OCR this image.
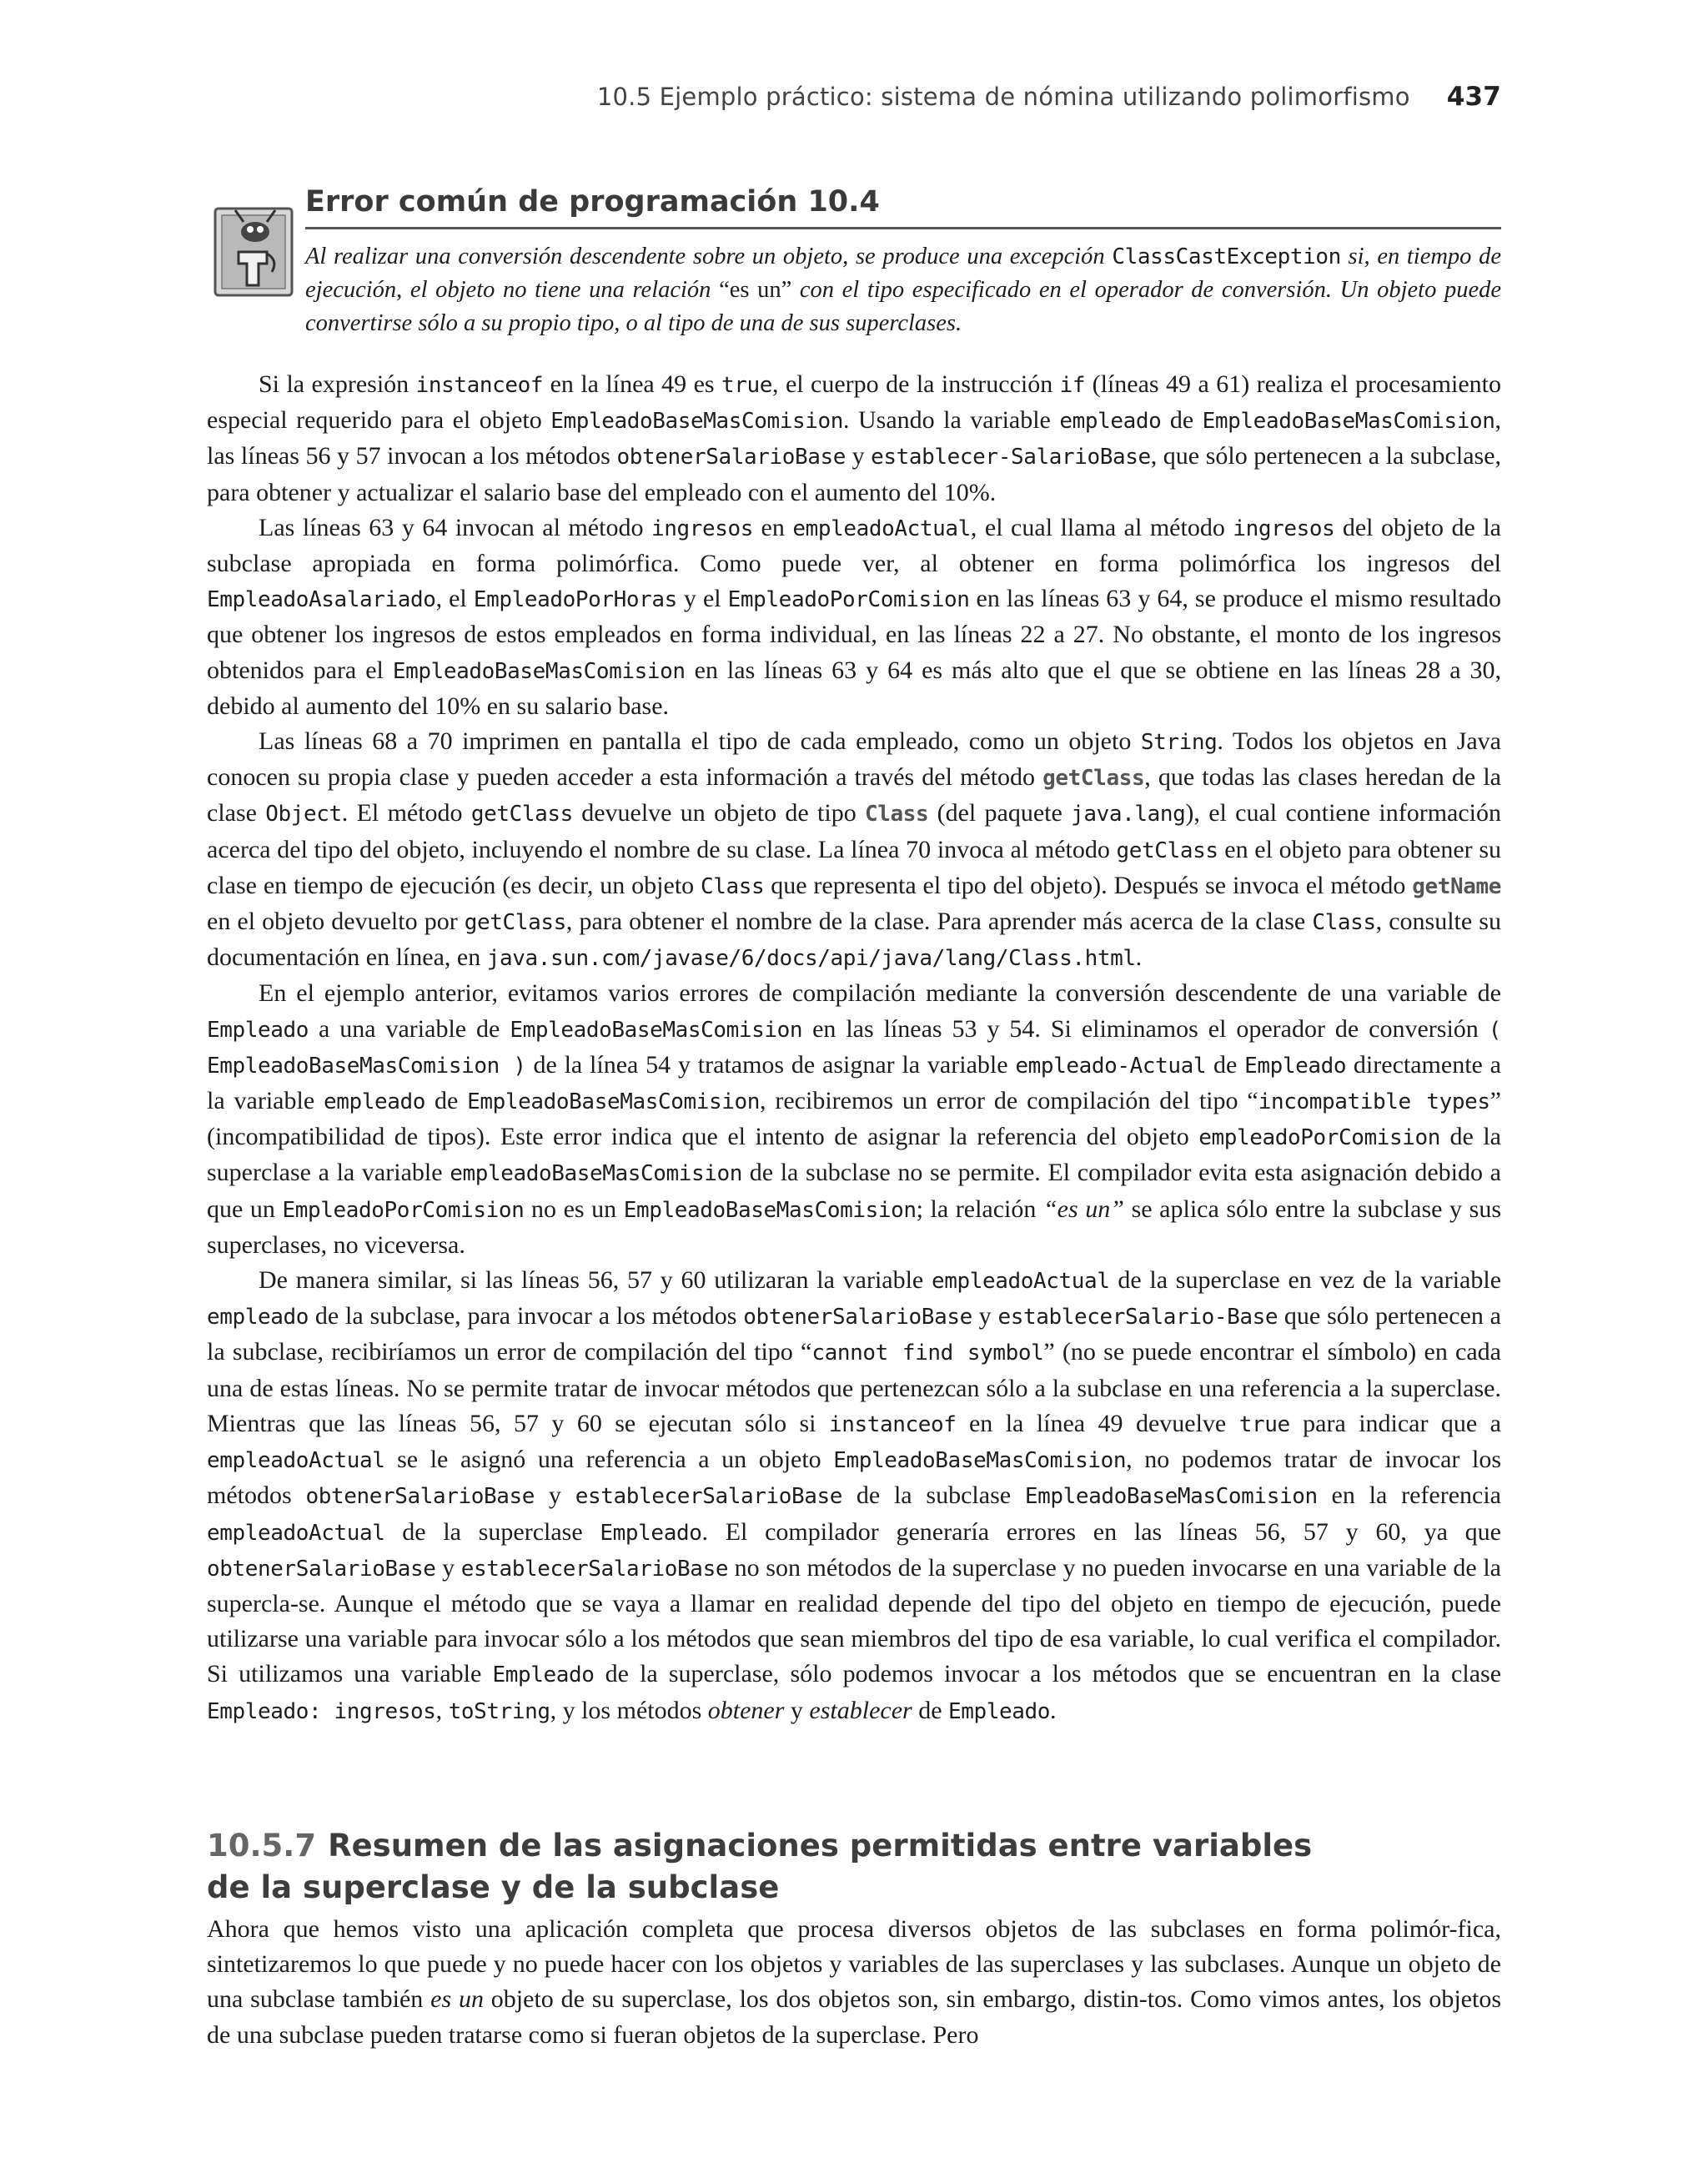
10.5 Ejemplo práctico: sistema de nómina utilizando polimorfismo 437
Error común de programación 10.4
Al realizar una conversión descendente sobre un objeto, se produce una excepción ClassCastException si, en tiempo de ejecución, el objeto no tiene una relación “es un” con el tipo especificado en el operador de conversión. Un objeto puede convertirse sólo a su propio tipo, o al tipo de una de sus superclases.

Si la expresión instanceof en la línea 49 es true, el cuerpo de la instrucción if (líneas 49 a 61) realiza el procesamiento especial requerido para el objeto EmpleadoBaseMasComision. Usando la variable empleado de EmpleadoBaseMasComision, las líneas 56 y 57 invocan a los métodos obtenerSalarioBase y establecer-SalarioBase, que sólo pertenecen a la subclase, para obtener y actualizar el salario base del empleado con el aumento del 10%.

Las líneas 63 y 64 invocan al método ingresos en empleadoActual, el cual llama al método ingresos del objeto de la subclase apropiada en forma polimórfica. Como puede ver, al obtener en forma polimórfica los ingresos del EmpleadoAsalariado, el EmpleadoPorHoras y el EmpleadoPorComision en las líneas 63 y 64, se produce el mismo resultado que obtener los ingresos de estos empleados en forma individual, en las líneas 22 a 27. No obstante, el monto de los ingresos obtenidos para el EmpleadoBaseMasComision en las líneas 63 y 64 es más alto que el que se obtiene en las líneas 28 a 30, debido al aumento del 10% en su salario base.

Las líneas 68 a 70 imprimen en pantalla el tipo de cada empleado, como un objeto String. Todos los objetos en Java conocen su propia clase y pueden acceder a esta información a través del método getClass, que todas las clases heredan de la clase Object. El método getClass devuelve un objeto de tipo Class (del paquete java.lang), el cual contiene información acerca del tipo del objeto, incluyendo el nombre de su clase. La línea 70 invoca al método getClass en el objeto para obtener su clase en tiempo de ejecución (es decir, un objeto Class que representa el tipo del objeto). Después se invoca el método getName en el objeto devuelto por getClass, para obtener el nombre de la clase. Para aprender más acerca de la clase Class, consulte su documentación en línea, en java.sun.com/javase/6/docs/api/java/lang/Class.html.

En el ejemplo anterior, evitamos varios errores de compilación mediante la conversión descendente de una variable de Empleado a una variable de EmpleadoBaseMasComision en las líneas 53 y 54. Si eliminamos el operador de conversión ( EmpleadoBaseMasComision ) de la línea 54 y tratamos de asignar la variable empleado-Actual de Empleado directamente a la variable empleado de EmpleadoBaseMasComision, recibiremos un error de compilación del tipo “incompatible types” (incompatibilidad de tipos). Este error indica que el intento de asignar la referencia del objeto empleadoPorComision de la superclase a la variable empleadoBaseMasComision de la subclase no se permite. El compilador evita esta asignación debido a que un EmpleadoPorComision no es un EmpleadoBaseMasComision; la relación “es un” se aplica sólo entre la subclase y sus superclases, no viceversa.

De manera similar, si las líneas 56, 57 y 60 utilizaran la variable empleadoActual de la superclase en vez de la variable empleado de la subclase, para invocar a los métodos obtenerSalarioBase y establecerSalario-Base que sólo pertenecen a la subclase, recibiríamos un error de compilación del tipo “cannot find symbol” (no se puede encontrar el símbolo) en cada una de estas líneas. No se permite tratar de invocar métodos que pertenezcan sólo a la subclase en una referencia a la superclase. Mientras que las líneas 56, 57 y 60 se ejecutan sólo si instanceof en la línea 49 devuelve true para indicar que a empleadoActual se le asignó una referencia a un objeto EmpleadoBaseMasComision, no podemos tratar de invocar los métodos obtenerSalarioBase y establecerSalarioBase de la subclase EmpleadoBaseMasComision en la referencia empleadoActual de la superclase Empleado. El compilador generaría errores en las líneas 56, 57 y 60, ya que obtenerSalarioBase y establecerSalarioBase no son métodos de la superclase y no pueden invocarse en una variable de la supercla-se. Aunque el método que se vaya a llamar en realidad depende del tipo del objeto en tiempo de ejecución, puede utilizarse una variable para invocar sólo a los métodos que sean miembros del tipo de esa variable, lo cual verifica el compilador. Si utilizamos una variable Empleado de la superclase, sólo podemos invocar a los métodos que se encuentran en la clase Empleado: ingresos, toString, y los métodos obtener y establecer de Empleado.

10.5.7 Resumen de las asignaciones permitidas entre variables
de la superclase y de la subclase

Ahora que hemos visto una aplicación completa que procesa diversos objetos de las subclases en forma polimór-fica, sintetizaremos lo que puede y no puede hacer con los objetos y variables de las superclases y las subclases. Aunque un objeto de una subclase también es un objeto de su superclase, los dos objetos son, sin embargo, distin-tos. Como vimos antes, los objetos de una subclase pueden tratarse como si fueran objetos de la superclase. Pero
